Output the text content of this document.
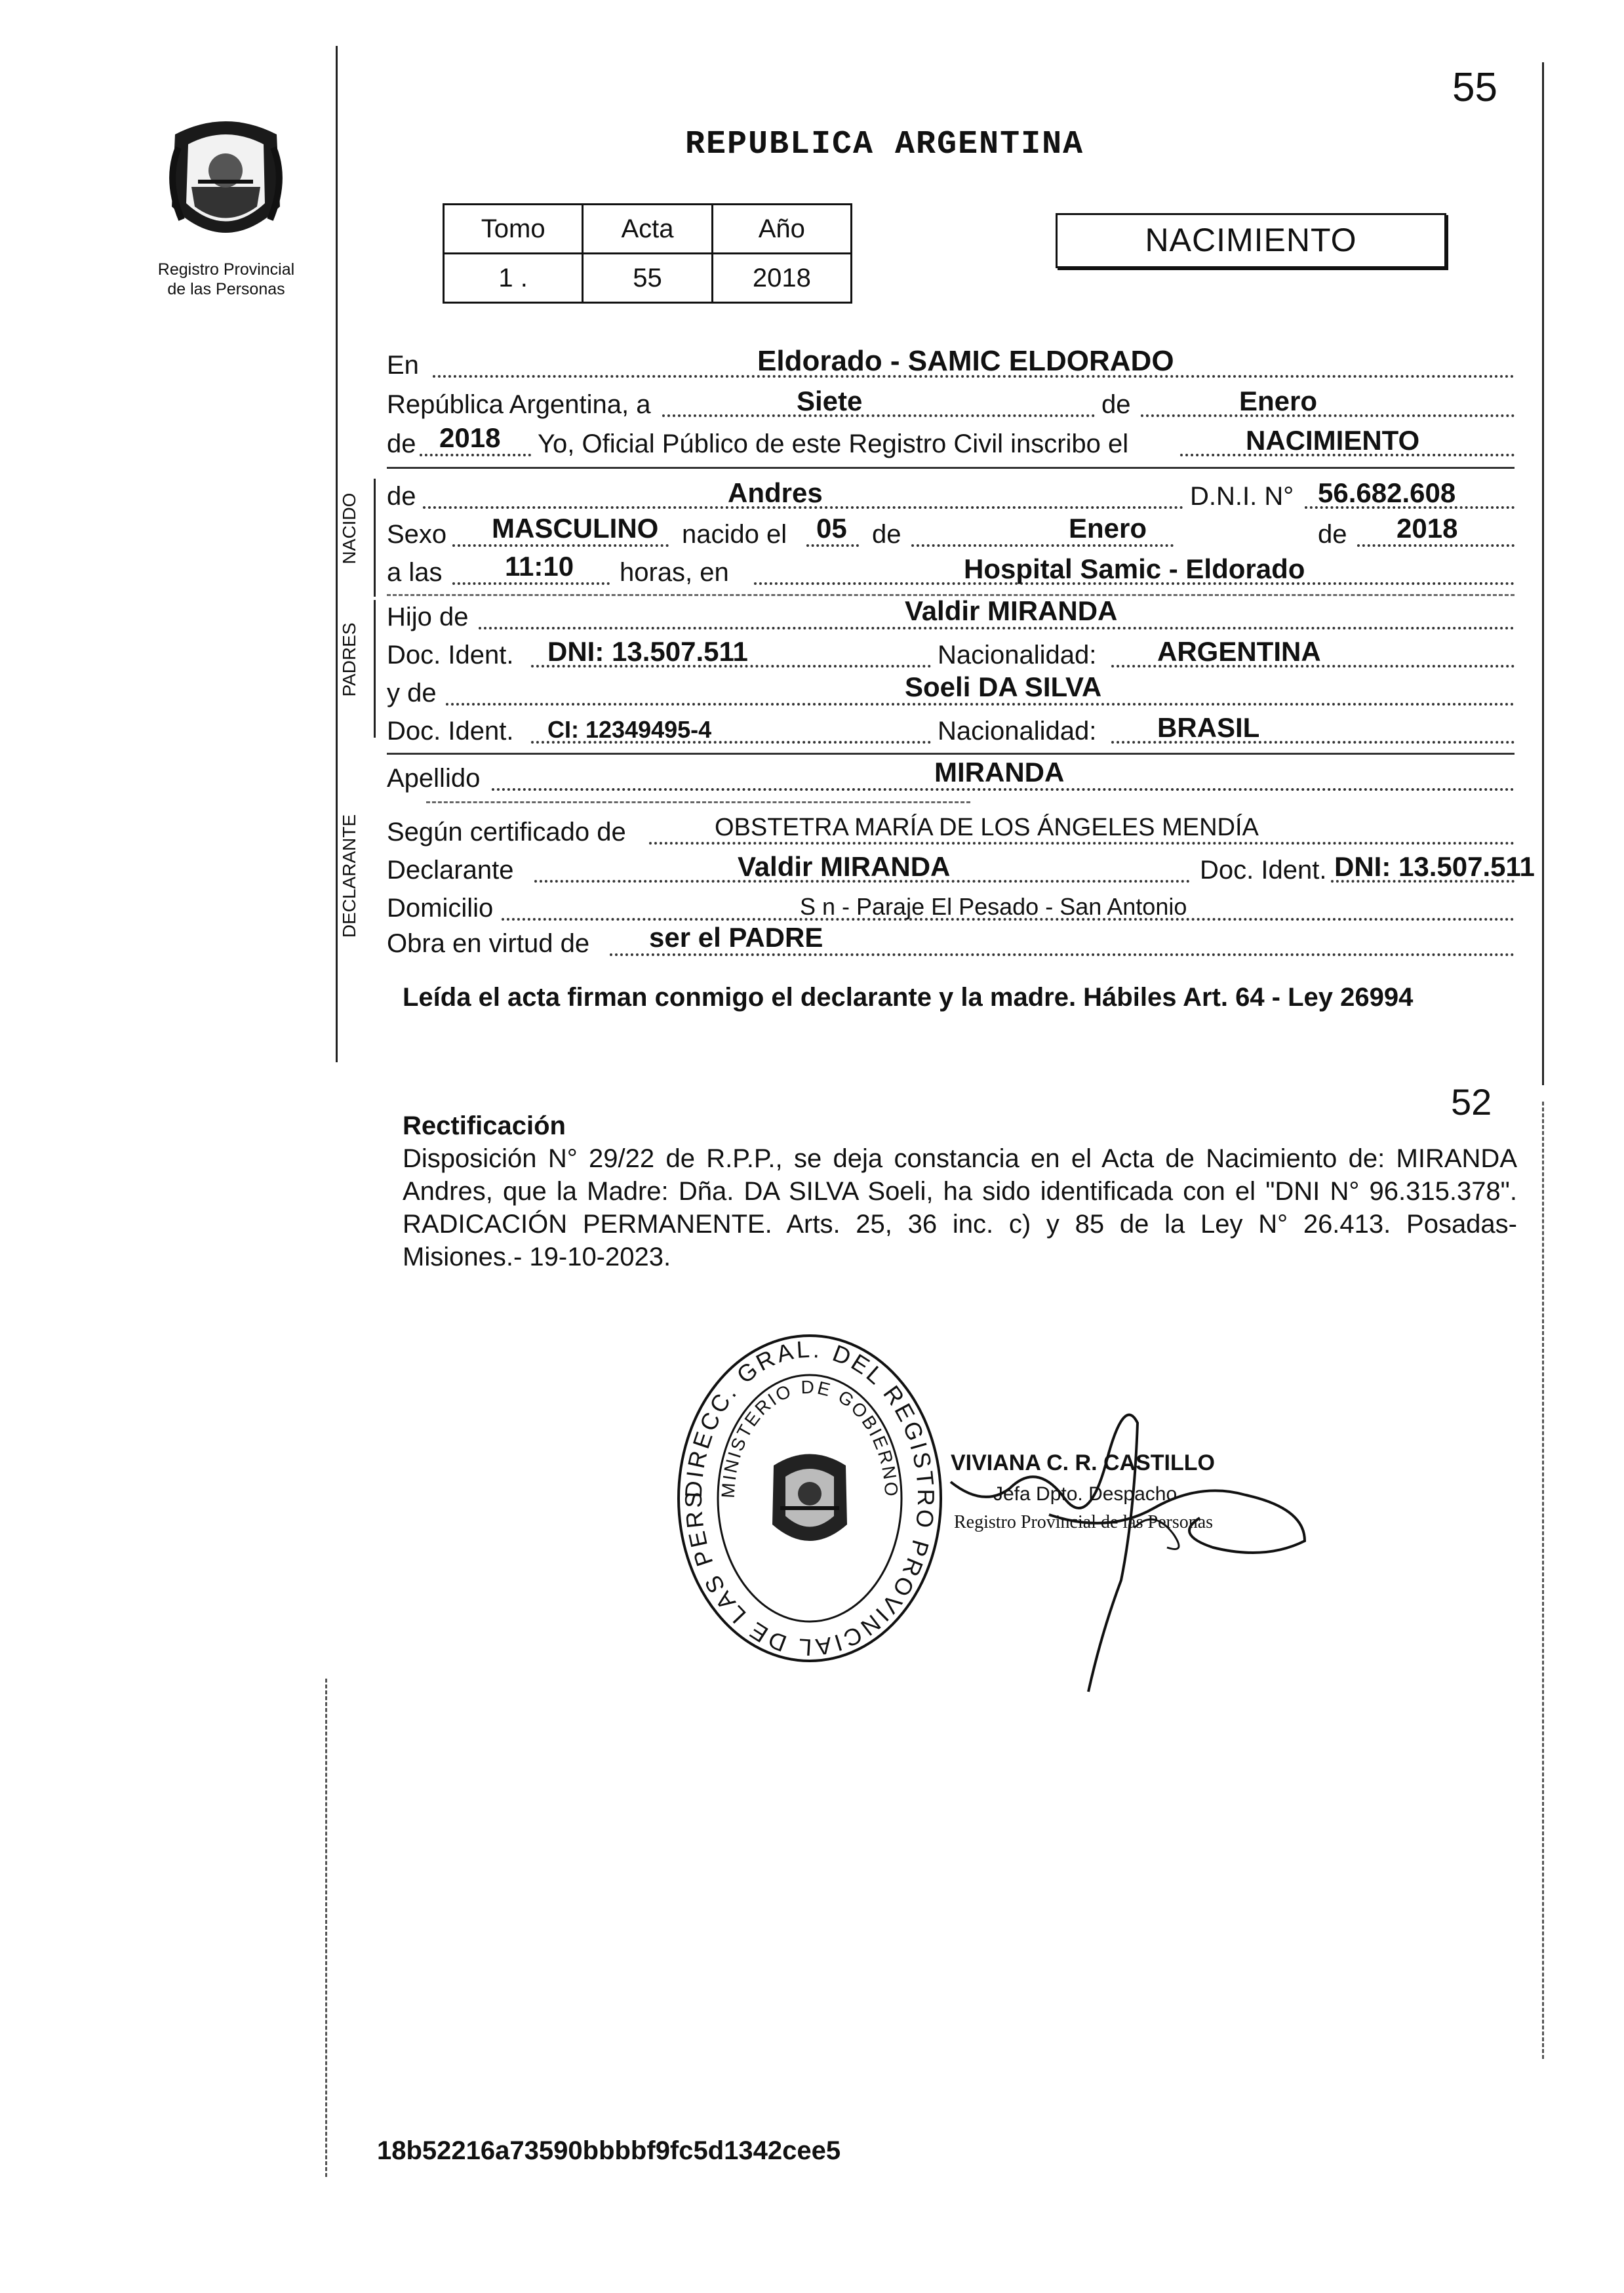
Registro Provincial
de las Personas
55
REPUBLICA ARGENTINA
Tomo	Acta	Año
1 .	55	2018
NACIMIENTO
NACIDO
PADRES
DECLARANTE
En	Eldorado - SAMIC ELDORADO
República Argentina, a	Siete	de	Enero
de 2018 Yo, Oficial Público de este Registro Civil inscribo el	NACIMIENTO
de	Andres	D.N.I. N° 56.682.608
Sexo MASCULINO nacido el 05 de	Enero	de 2018
a las 11:10 horas, en	Hospital Samic - Eldorado
Hijo de	Valdir MIRANDA
Doc. Ident. DNI: 13.507.511	Nacionalidad: ARGENTINA
y de	Soeli DA SILVA
Doc. Ident. CI: 12349495-4	Nacionalidad: BRASIL
Apellido	MIRANDA
Según certificado de	OBSTETRA MARÍA DE LOS ÁNGELES MENDÍA
Declarante	Valdir MIRANDA	Doc. Ident. DNI: 13.507.511
Domicilio	S n - Paraje El Pesado - San Antonio
Obra en virtud de ser el PADRE
Leída el acta firman conmigo el declarante y la madre. Hábiles Art. 64 - Ley 26994
52
Rectificación
Disposición N° 29/22 de R.P.P., se deja constancia en el Acta de Nacimiento de: MIRANDA Andres, que la Madre: Dña. DA SILVA Soeli, ha sido identificada con el "DNI N° 96.315.378". RADICACIÓN PERMANENTE. Arts. 25, 36 inc. c) y 85 de la Ley N° 26.413. Posadas- Misiones.- 19-10-2023.
DIRECC. GRAL. DEL REGISTRO PROVINCIAL DE LAS PERS
MINISTERIO DE GOBIERNO
VIVIANA C. R. CASTILLO
Jefa Dpto. Despacho
Registro Provincial de las Personas
18b52216a73590bbbbf9fc5d1342cee5
